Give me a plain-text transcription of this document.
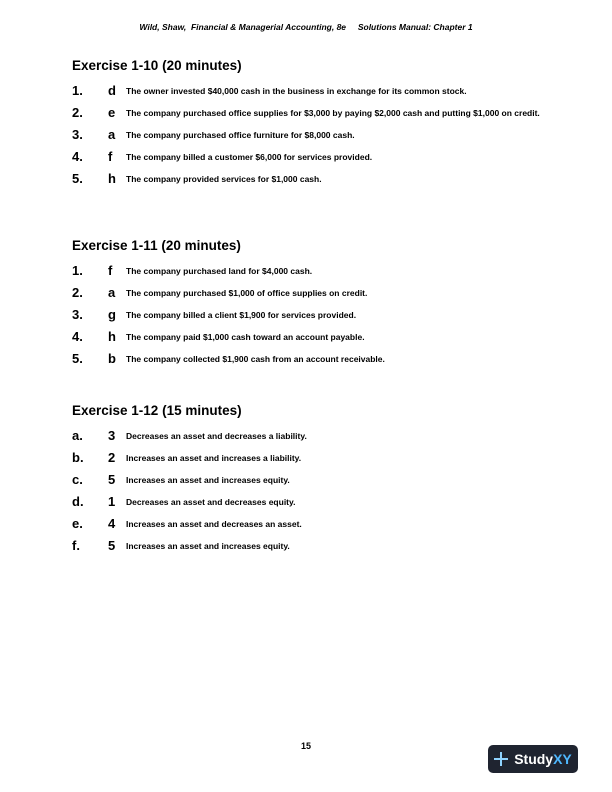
Wild, Shaw,  Financial & Managerial Accounting, 8e     Solutions Manual: Chapter 1
Exercise 1-10 (20 minutes)
1.	d	The owner invested $40,000 cash in the business in exchange for its common stock.
2.	e	The company purchased office supplies for $3,000 by paying $2,000 cash and putting $1,000 on credit.
3.	a	The company purchased office furniture for $8,000 cash.
4.	f	The company billed a customer $6,000 for services provided.
5.	h	The company provided services for $1,000 cash.
Exercise 1-11 (20 minutes)
1.	f	The company purchased land for $4,000 cash.
2.	a	The company purchased $1,000 of office supplies on credit.
3.	g	The company billed a client $1,900 for services provided.
4.	h	The company paid $1,000 cash toward an account payable.
5.	b	The company collected $1,900 cash from an account receivable.
Exercise 1-12 (15 minutes)
a.	3	Decreases an asset and decreases a liability.
b.	2	Increases an asset and increases a liability.
c.	5	Increases an asset and increases equity.
d.	1	Decreases an asset and decreases equity.
e.	4	Increases an asset and decreases an asset.
f.	5	Increases an asset and increases equity.
15
StudyXY
